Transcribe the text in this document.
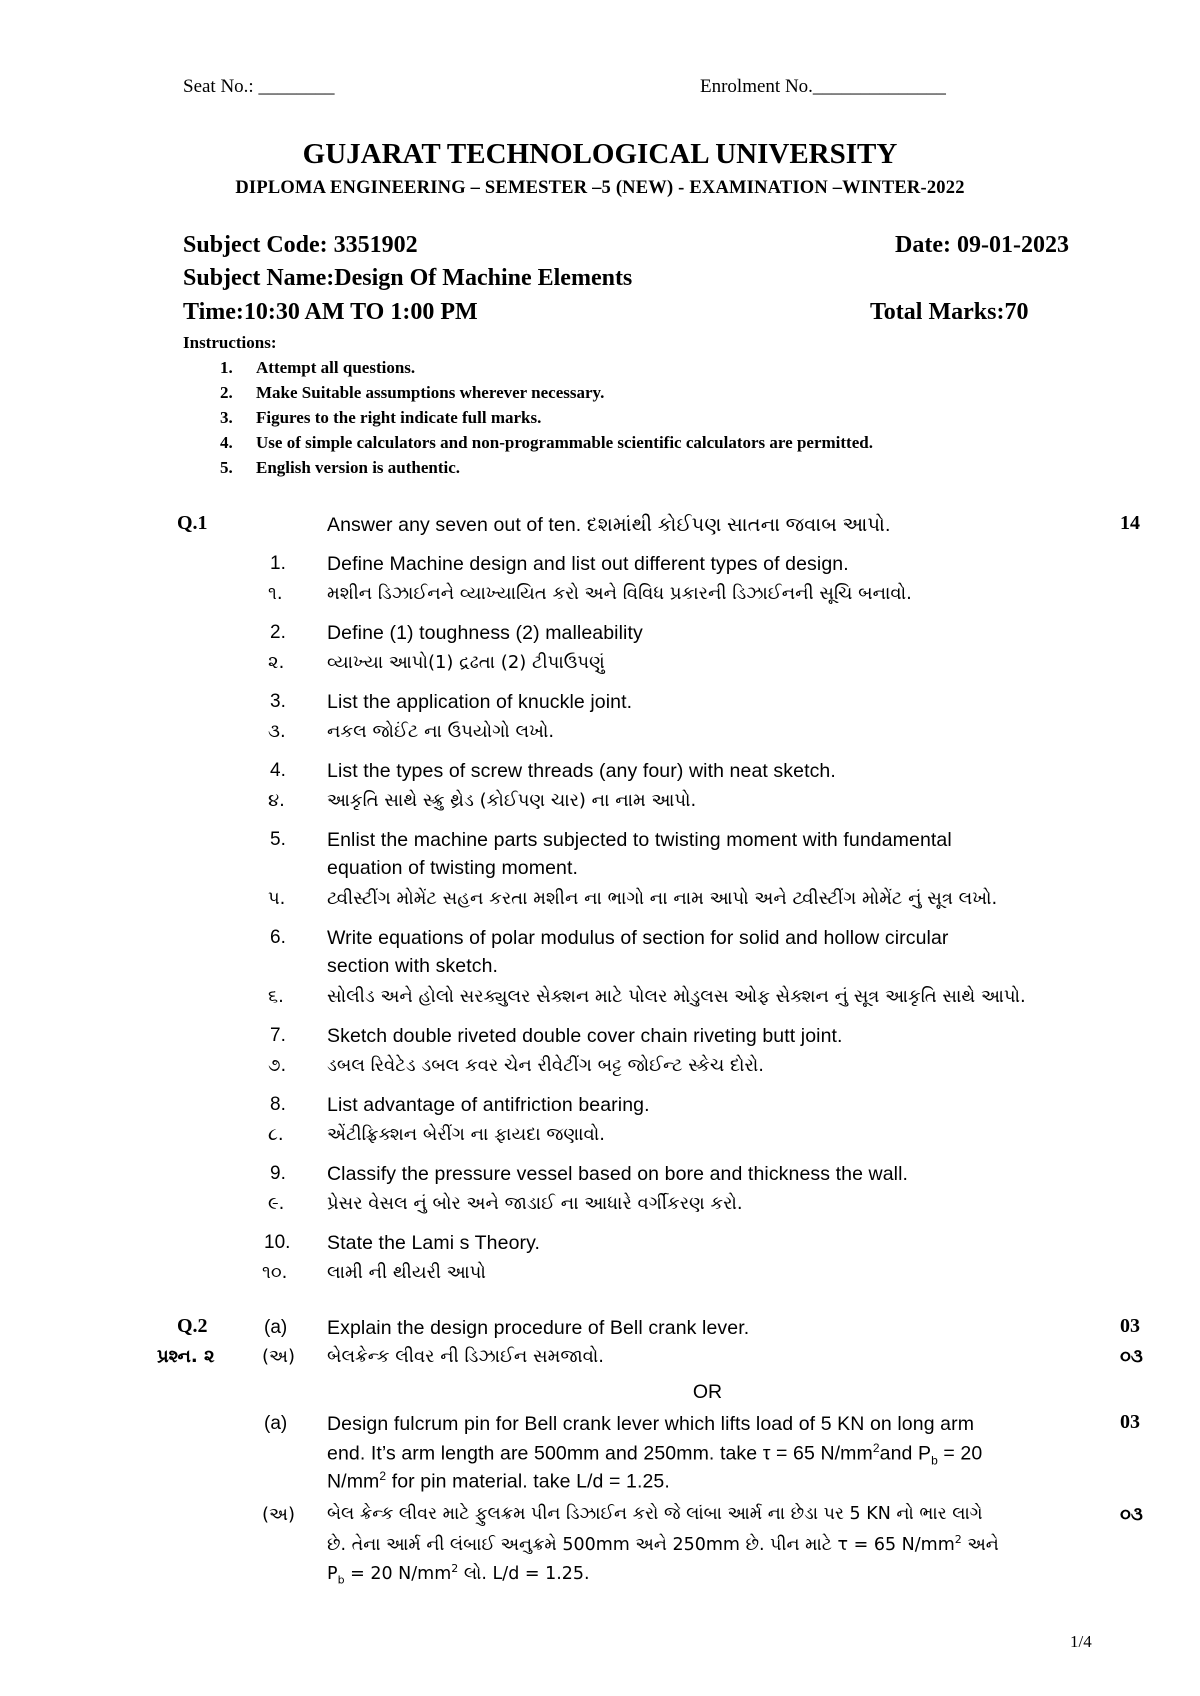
Seat No.: ________	Enrolment No.______________
GUJARAT TECHNOLOGICAL UNIVERSITY
DIPLOMA ENGINEERING – SEMESTER –5 (NEW) - EXAMINATION –WINTER-2022
Subject Code: 3351902	Date: 09-01-2023
Subject Name:Design Of Machine Elements
Time:10:30 AM TO 1:00 PM	Total Marks:70
Instructions:
1. Attempt all questions.
2. Make Suitable assumptions wherever necessary.
3. Figures to the right indicate full marks.
4. Use of simple calculators and non-programmable scientific calculators are permitted.
5. English version is authentic.
Q.1	Answer any seven out of ten. દશમાંથી કોઈપણ સાતના જવાબ આપો.	14
1. Define Machine design and list out different types of design.
૧. મશીન ડિઝાઈનને વ્યાખ્યાયિત કરો અને વિવિધ પ્રકારની ડિઝાઈનની સૂચિ બનાવો.
2. Define (1) toughness (2) malleability
૨. વ્યાખ્યા આપો(1) દ્રઢતા (2) ટીપાઉપણું
3. List the application of knuckle joint.
૩. નકલ જોઈંટ ના ઉપયોગો લખો.
4. List the types of screw threads (any four) with neat sketch.
૪. આકૃતિ સાથે સ્ક્રુ થ્રેડ (કોઈપણ ચાર) ના નામ આપો.
5. Enlist the machine parts subjected to twisting moment with fundamental
equation of twisting moment.
પ. ટ્વીસ્ટીંગ મોમેંટ સહન કરતા મશીન ના ભાગો ના નામ આપો અને ટ્વીસ્ટીંગ મોમેંટ નું સૂત્ર લખો.
6. Write equations of polar modulus of section for solid and hollow circular
section with sketch.
૬. સોલીડ અને હોલો સરક્યુલર સેક્શન માટે પોલર મોડુલસ ઓફ સેક્શન નું સૂત્ર આકૃતિ સાથે આપો.
7. Sketch double riveted double cover chain riveting butt joint.
૭. ડબલ રિવેટેડ ડબલ કવર ચેન રીવેટીંગ બટ્ટ જોઈન્ટ સ્કેચ દોરો.
8. List advantage of antifriction bearing.
૮. એંટીફ્રિક્શન બેરીંગ ના ફાયદા જણાવો.
9. Classify the pressure vessel based on bore and thickness the wall.
૯. પ્રેસર વેસલ નું બોર અને જાડાઈ ના આધારે વર્ગીકરણ કરો.
10. State the Lami s Theory.
૧૦. લામી ની થીયરી આપો
Q.2	(a) Explain the design procedure of Bell crank lever.	03
પ્રશ્ન. ૨	(અ) બેલક્રેન્ક લીવર ની ડિઝાઈન સમજાવો.	૦૩
OR
(a) Design fulcrum pin for Bell crank lever which lifts load of 5 KN on long arm	03
end. It’s arm length are 500mm and 250mm. take τ = 65 $N/mm^2and$ $P_b = 20$
$N/mm^2$ for pin material. take L/d = 1.25.
(અ) બેલ ક્રેન્ક લીવર માટે ફુલક્રમ પીન ડિઝાઈન કરો જે લાંબા આર્મ ના છેડા પર 5 KN નો ભાર લાગે	૦૩
છે. તેના આર્મ ની લંબાઈ અનુક્રમે 500mm અને 250mm છે. પીન માટે τ = 65 $N/mm^2$ અને
$P_b = 20$ $N/mm^2$ લો. L/d = 1.25.
1/4
